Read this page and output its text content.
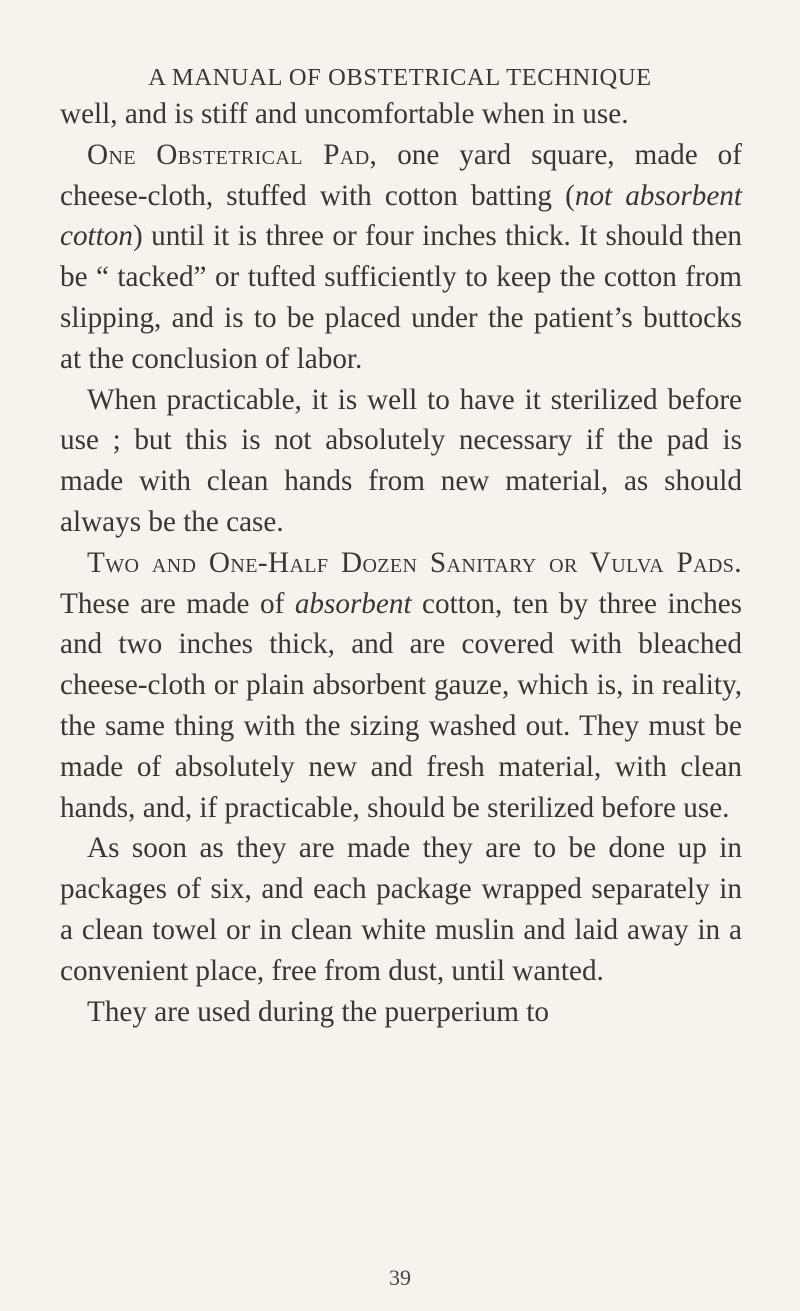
A MANUAL OF OBSTETRICAL TECHNIQUE

well, and is stiff and uncomfortable when in use.

One Obstetrical Pad, one yard square, made of cheese-cloth, stuffed with cotton batting (not absorbent cotton) until it is three or four inches thick. It should then be “ tacked” or tufted sufficiently to keep the cotton from slipping, and is to be placed under the patient’s buttocks at the conclusion of labor.

When practicable, it is well to have it sterilized before use ; but this is not absolutely necessary if the pad is made with clean hands from new material, as should always be the case.

Two and One-Half Dozen Sanitary or Vulva Pads. These are made of absorbent cotton, ten by three inches and two inches thick, and are covered with bleached cheese-cloth or plain absorbent gauze, which is, in reality, the same thing with the sizing washed out. They must be made of absolutely new and fresh material, with clean hands, and, if practicable, should be sterilized before use.

As soon as they are made they are to be done up in packages of six, and each package wrapped separately in a clean towel or in clean white muslin and laid away in a convenient place, free from dust, until wanted.

They are used during the puerperium to

39
